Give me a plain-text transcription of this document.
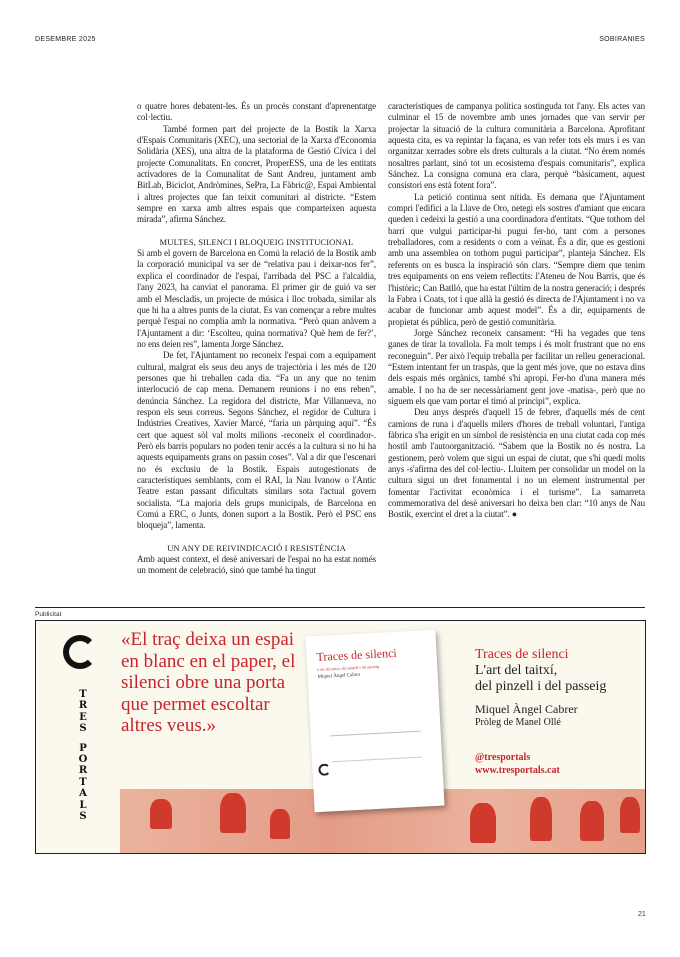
DESEMBRE 2025	SOBIRANIES

o quatre hores debatent-les. És un procés constant d'aprenentatge col·lectiu.

També formen part del projecte de la Bostik la Xarxa d'Espais Comunitaris (XEC), una sectorial de la Xarxa d'Economia Solidària (XES), una altra de la plataforma de Gestió Cívica i del projecte Comunalitats. En concret, ProperESS, una de les entitats activadores de la Comunalitat de Sant Andreu, juntament amb BitLab, Biciclot, Andròmines, SePra, La Fàbric@, Espai Ambiental i altres projectes que fan teixit comunitari al districte. “Estem sempre en xarxa amb altres espais que comparteixen aquesta mirada”, afirma Sánchez.

MULTES, SILENCI I BLOQUEIG INSTITUCIONAL

Si amb el govern de Barcelona en Comú la relació de la Bostik amb la corporació municipal va ser de “relativa pau i deixar-nos fer”, explica el coordinador de l'espai, l'arribada del PSC a l'alcaldia, l'any 2023, ha canviat el panorama. El primer gir de guió va ser amb el Mescladís, un projecte de música i lloc trobada, similar als que hi ha a altres punts de la ciutat. Es van començar a rebre multes perquè l'espai no complia amb la normativa. “Però quan anàvem a l'Ajuntament a dir: ‘Escolteu, quina normativa? Què hem de fer?’, no ens deien res”, lamenta Jorge Sánchez.

De fet, l'Ajuntament no reconeix l'espai com a equipament cultural, malgrat els seus deu anys de trajectòria i les més de 120 persones que hi treballen cada dia. “Fa un any que no tenim interlocució de cap mena. Demanem reunions i no ens reben”, denúncia Sánchez. La regidora del districte, Mar Villanueva, no respon els seus correus. Segons Sánchez, el regidor de Cultura i Indústries Creatives, Xavier Marcé, “faria un pàrquing aquí”. “És cert que aquest sòl val molts milions -reconeix el coordinador-. Però els barris populars no poden tenir accés a la cultura si no hi ha aquests equipaments grans on passin coses”. Val a dir que l'escenari no és exclusiu de la Bostik. Espais autogestionats de característiques semblants, com el RAI, la Nau Ivanow o l'Antic Teatre estan passant dificultats similars sota l'actual govern socialista. “La majoria dels grups municipals, de Barcelona en Comú a ERC, o Junts, donen suport a la Bostik. Però el PSC ens bloqueja”, lamenta.

UN ANY DE REIVINDICACIÓ I RESISTÈNCIA

Amb aquest context, el desè aniversari de l'espai no ha estat només un moment de celebració, sinó que també ha tingut

característiques de campanya política sostinguda tot l'any. Els actes van culminar el 15 de novembre amb unes jornades que van servir per projectar la situació de la cultura comunitària a Barcelona. Aprofitant aquesta cita, es va repintar la façana, es van refer tots els murs i es van organitzar xerrades sobre els drets culturals a la ciutat. “No érem només nosaltres parlant, sinó tot un ecosistema d'espais comunitaris”, explica Sánchez. La consigna comuna era clara, perquè “bàsicament, aquest consistori ens està fotent fora”.

La petició continua sent nítida. Es demana que l'Ajuntament compri l'edifici a la Llave de Oro, netegi els sostres d'amiant que encara queden i cedeixi la gestió a una coordinadora d'entitats. “Que tothom del barri que vulgui participar-hi pugui fer-ho, tant com a persones treballadores, com a residents o com a veïnat. És a dir, que es gestioni amb una assemblea on tothom pugui participar”, planteja Sánchez. Els referents on es busca la inspiració són clars. “Sempre diem que tenim tres equipaments on ens veiem reflectits: l'Ateneu de Nou Barris, que és l'històric; Can Batlló, que ha estat l'últim de la nostra generació; i després la Fabra i Coats, tot i que allà la gestió és directa de l'Ajuntament i no va acabar de funcionar amb aquest model”. És a dir, equipaments de propietat és pública, però de gestió comunitària.

Jorge Sánchez reconeix cansament: “Hi ha vegades que tens ganes de tirar la tovallola. Fa molt temps i és molt frustrant que no ens reconeguin”. Per això l'equip treballa per facilitar un relleu generacional. “Estem intentant fer un traspàs, que la gent més jove, que no estava dins dels espais més orgànics, també s'hi apropi. Fer-ho d'una manera més amable. I no ha de ser necessàriament gent jove -matisa-, però que no siguem els que vam portar el timó al principi”, explica.

Deu anys després d'aquell 15 de febrer, d'aquells més de cent camions de runa i d'aquells milers d'hores de treball voluntari, l'antiga fàbrica s'ha erigit en un símbol de resistència en una ciutat cada cop més hostil amb l'autoorganització. “Sabem que la Bostik no és nostra. La gestionem, però volem que sigui un espai de ciutat, que s'hi quedi molts anys -s'afirma des del col·lectiu-. Lluitem per consolidar un model on la cultura sigui un dret fonamental i no un element instrumental per fomentar l'activitat econòmica i el turisme”. La samarreta commemorativa del desè aniversari ho deixa ben clar: “10 anys de Nau Bostik, exercint el dret a la ciutat”. ●

Publicitat
T
R
E
S
P
O
R
T
A
L
S
«El traç deixa un espai en blanc en el paper, el silenci obre una porta que permet escoltar altres veus.»
Traces de silenci
L'art del taitxí, del pinzell i del passeig
Miquel Àngel Cabrer
Traces de silenci
L'art del taitxí,
del pinzell i del passeig
Miquel Àngel Cabrer
Pròleg de Manel Ollé
@tresportals
www.tresportals.cat
21
